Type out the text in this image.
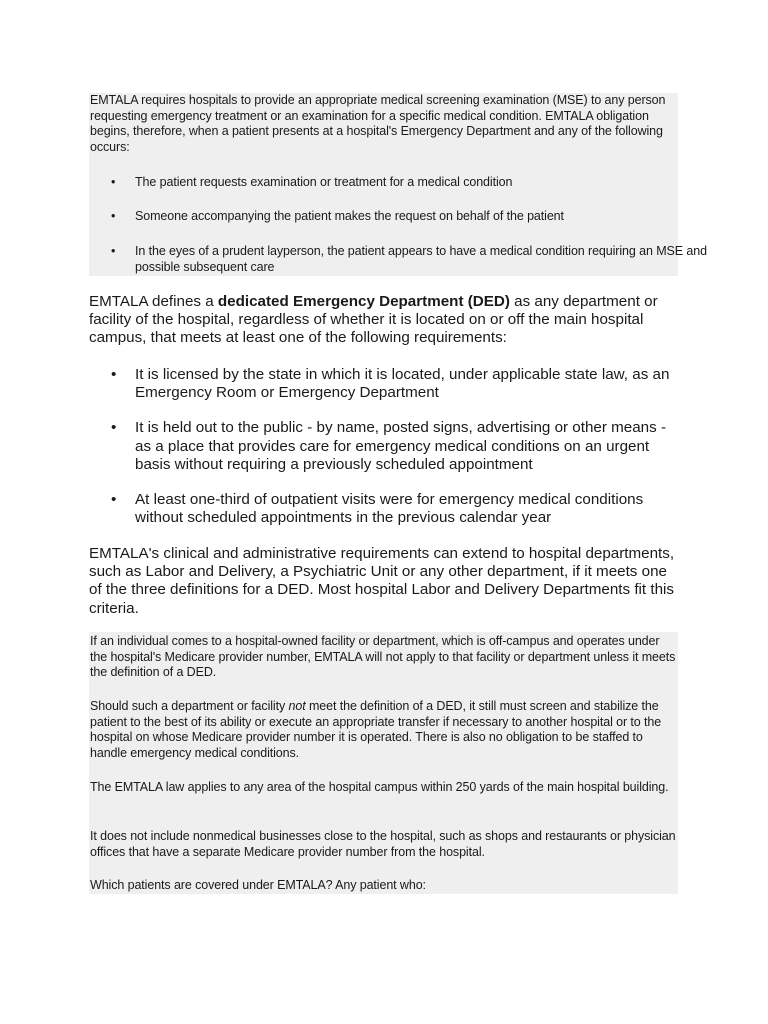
EMTALA requires hospitals to provide an appropriate medical screening examination (MSE) to any person requesting emergency treatment or an examination for a specific medical condition. EMTALA obligation begins, therefore, when a patient presents at a hospital's Emergency Department and any of the following occurs:

• The patient requests examination or treatment for a medical condition
• Someone accompanying the patient makes the request on behalf of the patient
• In the eyes of a prudent layperson, the patient appears to have a medical condition requiring an MSE and possible subsequent care

EMTALA defines a dedicated Emergency Department (DED) as any department or facility of the hospital, regardless of whether it is located on or off the main hospital campus, that meets at least one of the following requirements:

• It is licensed by the state in which it is located, under applicable state law, as an Emergency Room or Emergency Department
• It is held out to the public - by name, posted signs, advertising or other means - as a place that provides care for emergency medical conditions on an urgent basis without requiring a previously scheduled appointment
• At least one-third of outpatient visits were for emergency medical conditions without scheduled appointments in the previous calendar year

EMTALA's clinical and administrative requirements can extend to hospital departments, such as Labor and Delivery, a Psychiatric Unit or any other department, if it meets one of the three definitions for a DED. Most hospital Labor and Delivery Departments fit this criteria.

If an individual comes to a hospital-owned facility or department, which is off-campus and operates under the hospital's Medicare provider number, EMTALA will not apply to that facility or department unless it meets the definition of a DED.

Should such a department or facility not meet the definition of a DED, it still must screen and stabilize the patient to the best of its ability or execute an appropriate transfer if necessary to another hospital or to the hospital on whose Medicare provider number it is operated. There is also no obligation to be staffed to handle emergency medical conditions.

The EMTALA law applies to any area of the hospital campus within 250 yards of the main hospital building.

It does not include nonmedical businesses close to the hospital, such as shops and restaurants or physician offices that have a separate Medicare provider number from the hospital.

Which patients are covered under EMTALA? Any patient who:
